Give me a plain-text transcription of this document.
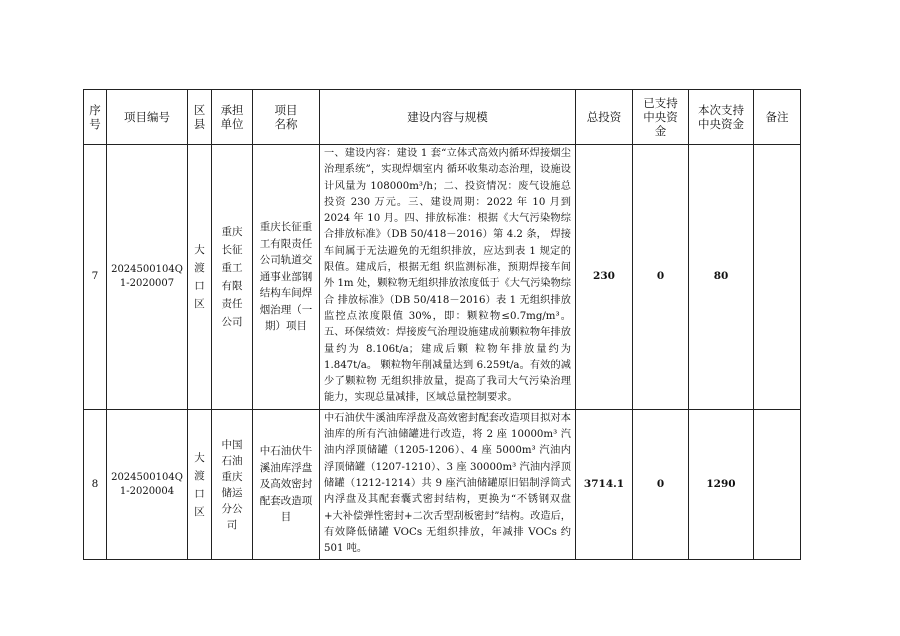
序号	项目编号	区县	承担单位	项目名称	建设内容与规模	总投资	已支持中央资金	本次支持中央资金	备注

7	2024500104Q1-2020007	大渡口区	重庆长征重工有限责任公司	重庆长征重工有限责任公司轨道交通事业部钢结构车间焊烟治理（一期）项目	一、建设内容：建设 1 套“立体式高效内循环焊接烟尘治理系统”，实现焊烟室内 循环收集动态治理，设施设计风量为 108000m³/h；二、投资情况：废气设施总投资 230 万元。三、建设周期：2022 年 10 月到 2024 年 10 月。四、排放标准：根据《大气污染物综合排放标准》（DB 50/418－2016）第 4.2 条， 焊接车间属于无法避免的无组织排放，应达到表 1 规定的限值。建成后，根据无组 织监测标准，预期焊接车间外 1m 处，颗粒物无组织排放浓度低于《大气污染物综合 排放标准》（DB 50/418－2016）表 1 无组织排放监控点浓度限值 30%，即：颗粒物≤0.7mg/m³。 五、环保绩效：焊接废气治理设施建成前颗粒物年排放量约为 8.106t/a；建成后颗 粒物年排放量约为 1.847t/a。 颗粒物年削减量达到 6.259t/a。有效的减少了颗粒物 无组织排放量，提高了我司大气污染治理能力，实现总量减排，区域总量控制要求。	230	0	80	

8	2024500104Q1-2020004	大渡口区	中国石油重庆储运分公司	中石油伏牛溪油库浮盘及高效密封配套改造项目	中石油伏牛溪油库浮盘及高效密封配套改造项目拟对本油库的所有汽油储罐进行改造，将 2 座 10000m³ 汽油内浮顶储罐（1205-1206）、4 座 5000m³ 汽油内浮顶储罐（1207-1210）、3 座 30000m³ 汽油内浮顶储罐（1212-1214）共 9 座汽油储罐原旧铝制浮筒式内浮盘及其配套囊式密封结构，更换为“不锈钢双盘+大补偿弹性密封+二次舌型刮板密封”结构。改造后，有效降低储罐 VOCs 无组织排放，年减排 VOCs 约 501 吨。	3714.1	0	1290	
